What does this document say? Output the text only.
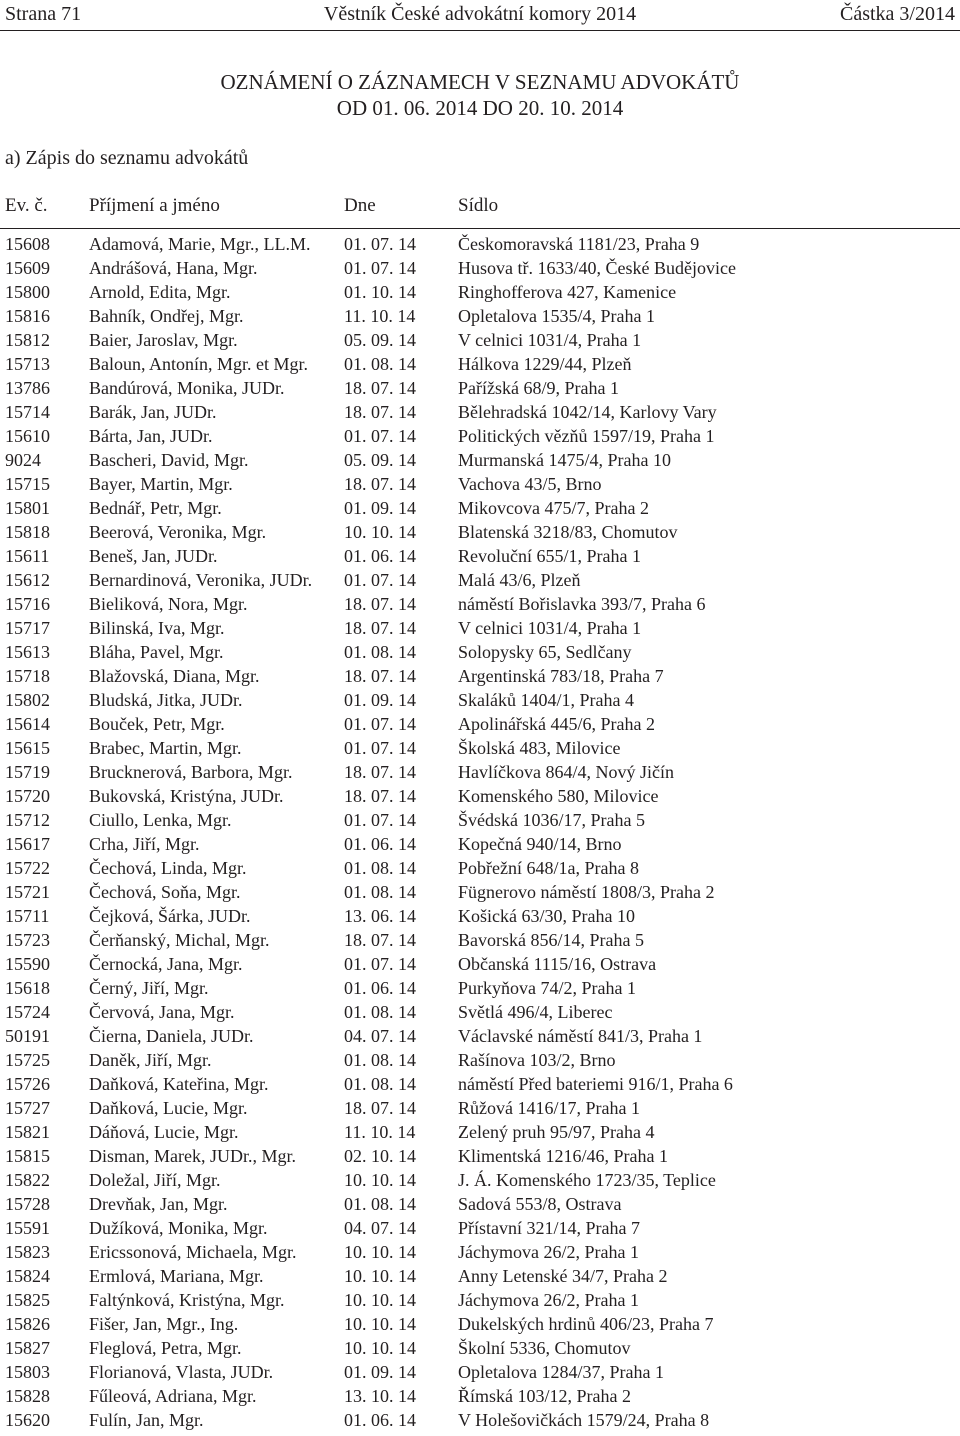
Strana 71	Věstník České advokátní komory 2014	Částka 3/2014
OZNÁMENÍ O ZÁZNAMECH V SEZNAMU ADVOKÁTŮ
OD 01. 06. 2014 DO 20. 10. 2014
a) Zápis do seznamu advokátů
Ev. č. Příjmení a jméno	Dne	Sídlo
15608 Adamová, Marie, Mgr., LL.M. 01. 07. 14 Českomoravská 1181/23, Praha 9
15609 Andrášová, Hana, Mgr.	01. 07. 14 Husova tř. 1633/40, České Budějovice
15800 Arnold, Edita, Mgr.	01. 10. 14 Ringhofferova 427, Kamenice
15816 Bahník, Ondřej, Mgr.	11. 10. 14 Opletalova 1535/4, Praha 1
15812 Baier, Jaroslav, Mgr.	05. 09. 14 V celnici 1031/4, Praha 1
15713 Baloun, Antonín, Mgr. et Mgr. 01. 08. 14 Hálkova 1229/44, Plzeň
13786 Bandúrová, Monika, JUDr.	18. 07. 14 Pařížská 68/9, Praha 1
15714 Barák, Jan, JUDr.	18. 07. 14 Bělehradská 1042/14, Karlovy Vary
15610 Bárta, Jan, JUDr.	01. 07. 14 Politických vězňů 1597/19, Praha 1
9024	Bascheri, David, Mgr.	05. 09. 14 Murmanská 1475/4, Praha 10
15715 Bayer, Martin, Mgr.	18. 07. 14 Vachova 43/5, Brno
15801 Bednář, Petr, Mgr.	01. 09. 14 Mikovcova 475/7, Praha 2
15818 Beerová, Veronika, Mgr.	10. 10. 14 Blatenská 3218/83, Chomutov
15611 Beneš, Jan, JUDr.	01. 06. 14 Revoluční 655/1, Praha 1
15612 Bernardinová, Veronika, JUDr. 01. 07. 14 Malá 43/6, Plzeň
15716 Bieliková, Nora, Mgr.	18. 07. 14 náměstí Bořislavka 393/7, Praha 6
15717 Bilinská, Iva, Mgr.	18. 07. 14 V celnici 1031/4, Praha 1
15613 Bláha, Pavel, Mgr.	01. 08. 14 Solopysky 65, Sedlčany
15718 Blažovská, Diana, Mgr.	18. 07. 14 Argentinská 783/18, Praha 7
15802 Bludská, Jitka, JUDr.	01. 09. 14 Skaláků 1404/1, Praha 4
15614 Bouček, Petr, Mgr.	01. 07. 14 Apolinářská 445/6, Praha 2
15615 Brabec, Martin, Mgr.	01. 07. 14 Školská 483, Milovice
15719 Brucknerová, Barbora, Mgr.	18. 07. 14 Havlíčkova 864/4, Nový Jičín
15720 Bukovská, Kristýna, JUDr.	18. 07. 14 Komenského 580, Milovice
15712 Ciullo, Lenka, Mgr.	01. 07. 14 Švédská 1036/17, Praha 5
15617 Crha, Jiří, Mgr.	01. 06. 14 Kopečná 940/14, Brno
15722 Čechová, Linda, Mgr.	01. 08. 14 Pobřežní 648/1a, Praha 8
15721 Čechová, Soňa, Mgr.	01. 08. 14 Fügnerovo náměstí 1808/3, Praha 2
15711 Čejková, Šárka, JUDr.	13. 06. 14 Košická 63/30, Praha 10
15723 Čerňanský, Michal, Mgr.	18. 07. 14 Bavorská 856/14, Praha 5
15590 Černocká, Jana, Mgr.	01. 07. 14 Občanská 1115/16, Ostrava
15618 Černý, Jiří, Mgr.	01. 06. 14 Purkyňova 74/2, Praha 1
15724 Červová, Jana, Mgr.	01. 08. 14 Světlá 496/4, Liberec
50191 Čierna, Daniela, JUDr.	04. 07. 14 Václavské náměstí 841/3, Praha 1
15725 Daněk, Jiří, Mgr.	01. 08. 14 Rašínova 103/2, Brno
15726 Daňková, Kateřina, Mgr.	01. 08. 14 náměstí Před bateriemi 916/1, Praha 6
15727 Daňková, Lucie, Mgr.	18. 07. 14 Růžová 1416/17, Praha 1
15821 Dáňová, Lucie, Mgr.	11. 10. 14 Zelený pruh 95/97, Praha 4
15815 Disman, Marek, JUDr., Mgr.	02. 10. 14 Klimentská 1216/46, Praha 1
15822 Doležal, Jiří, Mgr.	10. 10. 14 J. Á. Komenského 1723/35, Teplice
15728 Drevňak, Jan, Mgr.	01. 08. 14 Sadová 553/8, Ostrava
15591 Dužíková, Monika, Mgr.	04. 07. 14 Přístavní 321/14, Praha 7
15823 Ericssonová, Michaela, Mgr.	10. 10. 14 Jáchymova 26/2, Praha 1
15824 Ermlová, Mariana, Mgr.	10. 10. 14 Anny Letenské 34/7, Praha 2
15825 Faltýnková, Kristýna, Mgr.	10. 10. 14 Jáchymova 26/2, Praha 1
15826 Fišer, Jan, Mgr., Ing.	10. 10. 14 Dukelských hrdinů 406/23, Praha 7
15827 Fleglová, Petra, Mgr.	10. 10. 14 Školní 5336, Chomutov
15803 Florianová, Vlasta, JUDr.	01. 09. 14 Opletalova 1284/37, Praha 1
15828 Fűleová, Adriana, Mgr.	13. 10. 14 Římská 103/12, Praha 2
15620 Fulín, Jan, Mgr.	01. 06. 14 V Holešovičkách 1579/24, Praha 8
